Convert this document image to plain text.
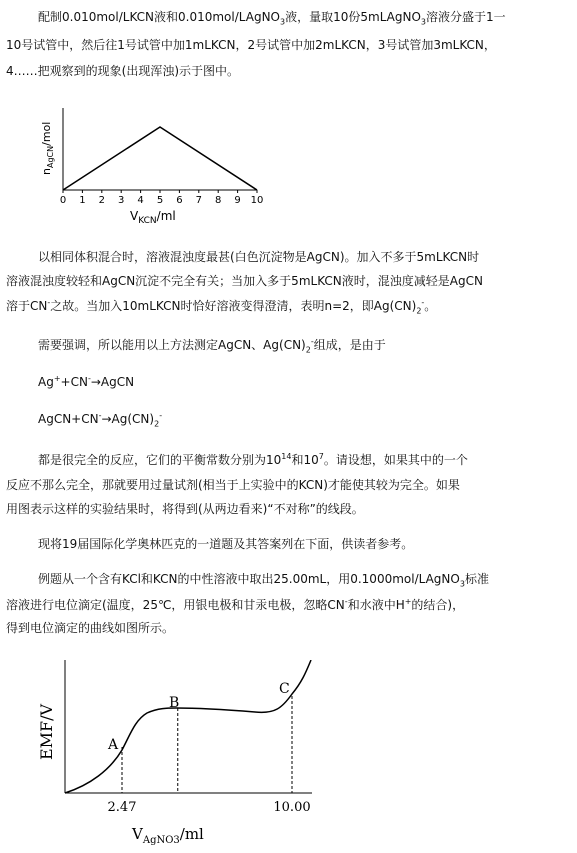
配制0.010mol/LKCN液和0.010mol/LAgNO$_3$液，量取10份5mLAgNO$_3$溶液分盛于1一
10号试管中，然后往1号试管中加1mLKCN，2号试管中加2mLKCN，3号试管加3mLKCN，
4……把观察到的现象(出现浑浊)示于图中。
0 1 2 3 4 5 6 7 8 9 10
$n_{AgCN}$/mol
$V_{KCN}/ml$
以相同体积混合时，溶液混浊度最甚(白色沉淀物是AgCN)。加入不多于5mLKCN时
溶液混浊度较轻和AgCN沉淀不完全有关；当加入多于5mLKCN液时，混浊度减轻是AgCN
溶于CN-之故。当加入10mLKCN时恰好溶液变得澄清，表明n=2，即$Ag(CN)_2^-$。
需要强调，所以能用以上方法测定AgCN、$Ag(CN)_2^-$组成，是由于
Ag++CN-→AgCN
$AgCN+CN^-\to Ag(CN)_2^-$
都是很完全的反应，它们的平衡常数分别为$10^{14}$和$10^7$。请设想，如果其中的一个
反应不那么完全，那就要用过量试剂(相当于上实验中的KCN)才能使其较为完全。如果
用图表示这样的实验结果时，将得到(从两边看来)“不对称”的线段。
现将19届国际化学奥林匹克的一道题及其答案列在下面，供读者参考。
例题从一个含有KCl和KCN的中性溶液中取出25.00mL，用0.1000mol/LAgNO$_3$标准
溶液进行电位滴定(温度，25℃，用银电极和甘汞电极，忽略CN-和水液中H+的结合)，
得到电位滴定的曲线如图所示。
A
B
C
2.47	10.00
EMF/V
$V_{AgNO3}/ml$
